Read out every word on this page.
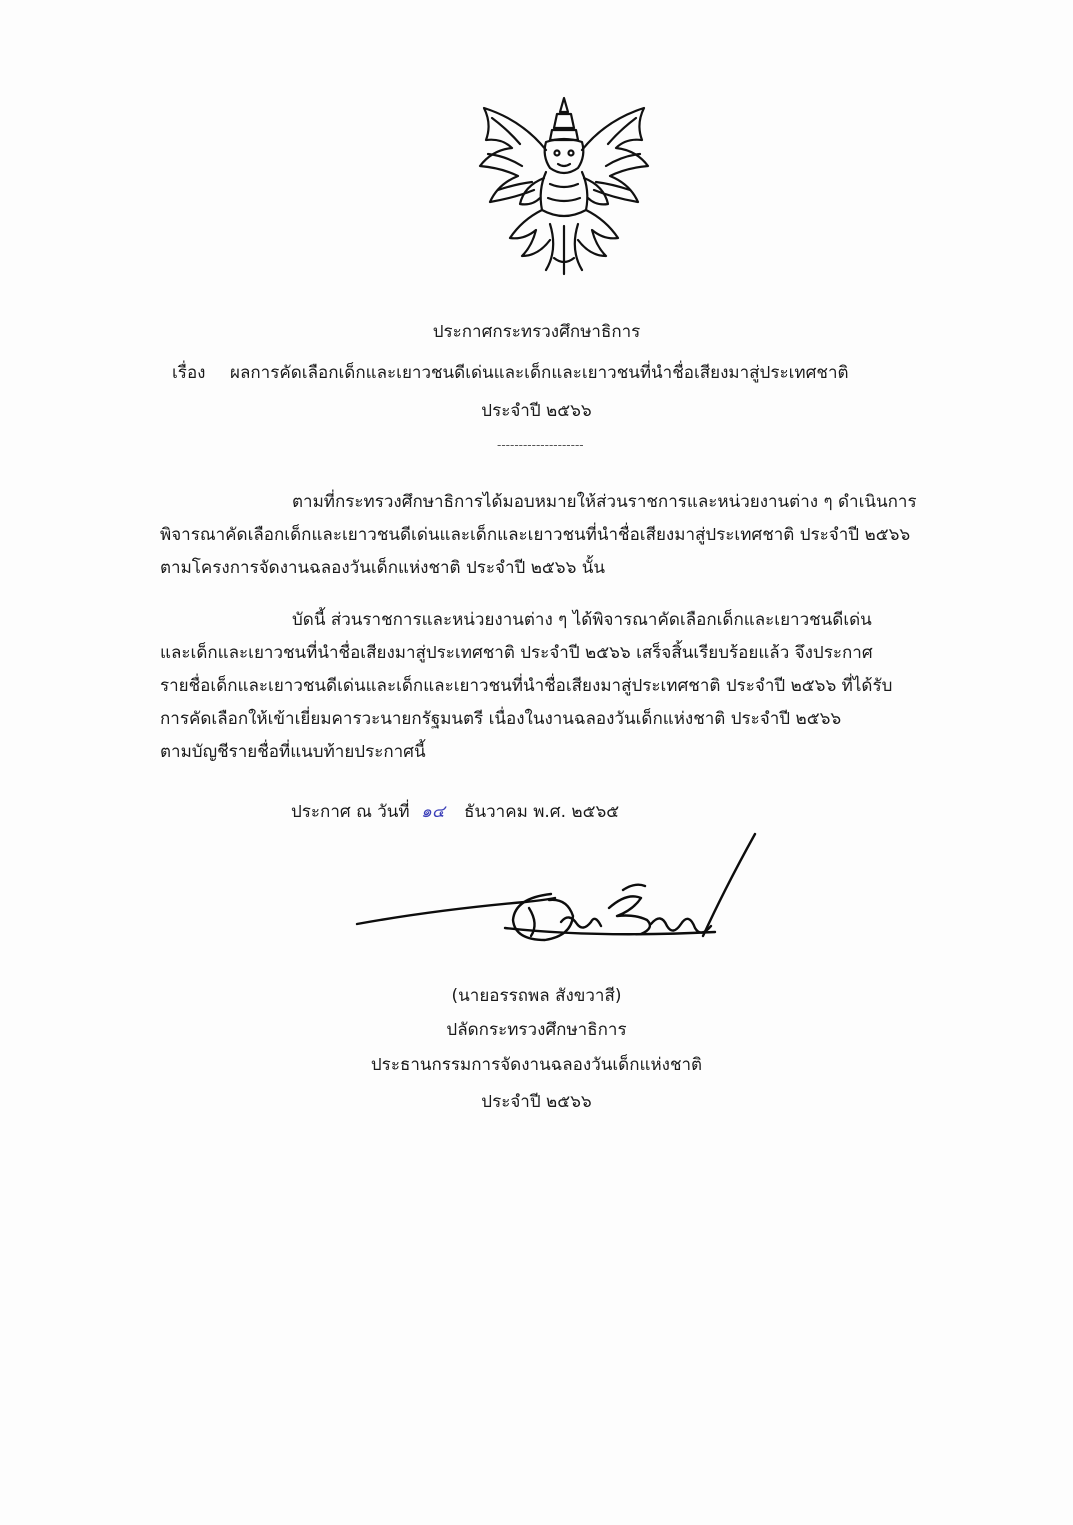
ประกาศกระทรวงศึกษาธิการ
เรื่อง ผลการคัดเลือกเด็กและเยาวชนดีเด่นและเด็กและเยาวชนที่นำชื่อเสียงมาสู่ประเทศชาติ
ประจำปี ๒๕๖๖
--------------------
ตามที่กระทรวงศึกษาธิการได้มอบหมายให้ส่วนราชการและหน่วยงานต่าง ๆ ดำเนินการ
พิจารณาคัดเลือกเด็กและเยาวชนดีเด่นและเด็กและเยาวชนที่นำชื่อเสียงมาสู่ประเทศชาติ ประจำปี ๒๕๖๖
ตามโครงการจัดงานฉลองวันเด็กแห่งชาติ ประจำปี ๒๕๖๖ นั้น
บัดนี้ ส่วนราชการและหน่วยงานต่าง ๆ ได้พิจารณาคัดเลือกเด็กและเยาวชนดีเด่น
และเด็กและเยาวชนที่นำชื่อเสียงมาสู่ประเทศชาติ ประจำปี ๒๕๖๖ เสร็จสิ้นเรียบร้อยแล้ว จึงประกาศ
รายชื่อเด็กและเยาวชนดีเด่นและเด็กและเยาวชนที่นำชื่อเสียงมาสู่ประเทศชาติ ประจำปี ๒๕๖๖ ที่ได้รับ
การคัดเลือกให้เข้าเยี่ยมคารวะนายกรัฐมนตรี เนื่องในงานฉลองวันเด็กแห่งชาติ ประจำปี ๒๕๖๖
ตามบัญชีรายชื่อที่แนบท้ายประกาศนี้
ประกาศ ณ วันที่ ๑๔ ธันวาคม พ.ศ. ๒๕๖๕
(นายอรรถพล สังขวาสี)
ปลัดกระทรวงศึกษาธิการ
ประธานกรรมการจัดงานฉลองวันเด็กแห่งชาติ
ประจำปี ๒๕๖๖
